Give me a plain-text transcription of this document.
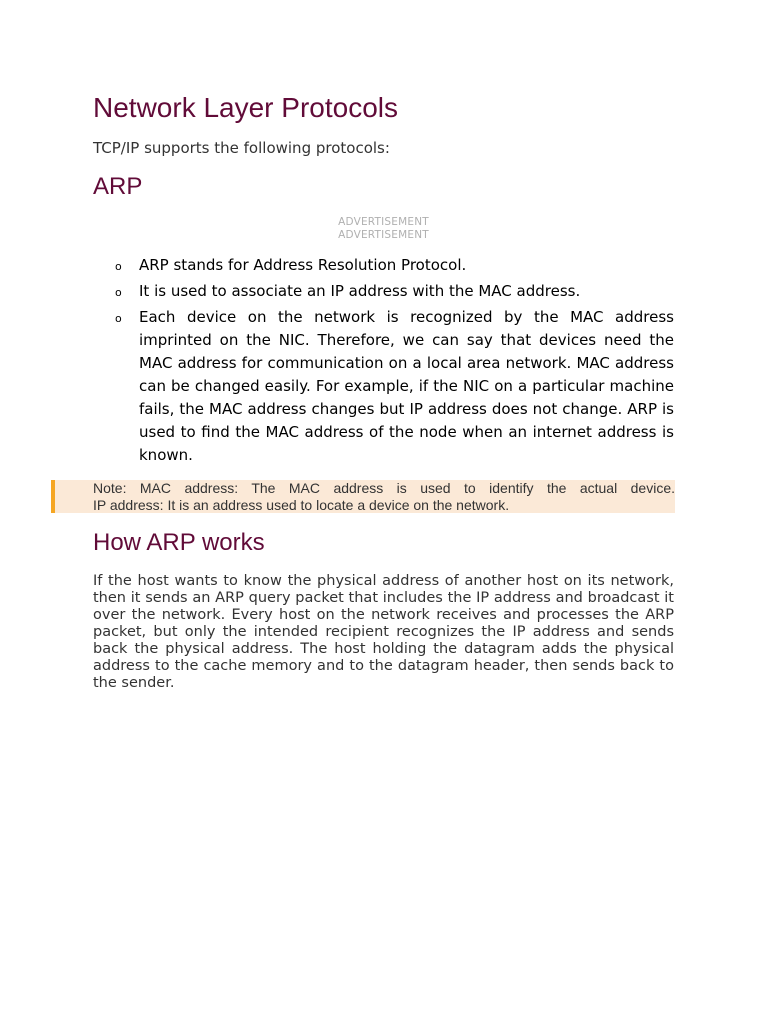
Network Layer Protocols

TCP/IP supports the following protocols:

ARP
ADVERTISEMENT
ADVERTISEMENT
o ARP stands for Address Resolution Protocol.
o It is used to associate an IP address with the MAC address.
o Each device on the network is recognized by the MAC address imprinted on the NIC. Therefore, we can say that devices need the MAC address for communication on a local area network. MAC address can be changed easily. For example, if the NIC on a particular machine fails, the MAC address changes but IP address does not change. ARP is used to find the MAC address of the node when an internet address is known.
Note: MAC address: The MAC address is used to identify the actual device.
IP address: It is an address used to locate a device on the network.
How ARP works

If the host wants to know the physical address of another host on its network, then it sends an ARP query packet that includes the IP address and broadcast it over the network. Every host on the network receives and processes the ARP packet, but only the intended recipient recognizes the IP address and sends back the physical address. The host holding the datagram adds the physical address to the cache memory and to the datagram header, then sends back to the sender.
